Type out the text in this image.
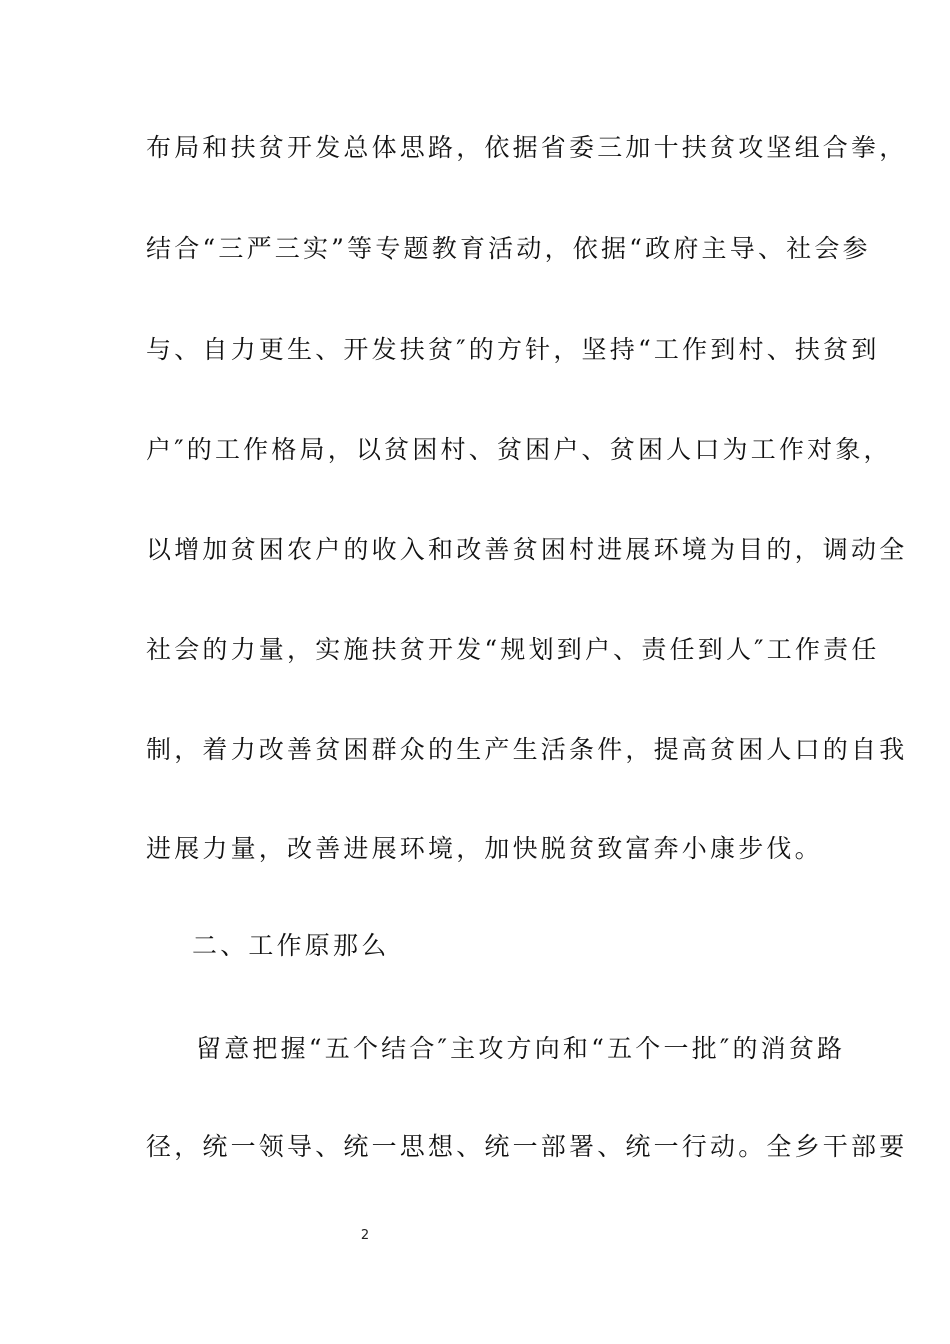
布局和扶贫开发总体思路，依据省委三加十扶贫攻坚组合拳，
结合“三严三实”等专题教育活动，依据“政府主导、社会参
与、自力更生、开发扶贫″的方针，坚持“工作到村、扶贫到
户″的工作格局，以贫困村、贫困户、贫困人口为工作对象，
以增加贫困农户的收入和改善贫困村进展环境为目的，调动全
社会的力量，实施扶贫开发“规划到户、责任到人″工作责任
制，着力改善贫困群众的生产生活条件，提高贫困人口的自我
进展力量，改善进展环境，加快脱贫致富奔小康步伐。
二、工作原那么
留意把握“五个结合″主攻方向和“五个一批″的消贫路
径，统一领导、统一思想、统一部署、统一行动。全乡干部要
2
